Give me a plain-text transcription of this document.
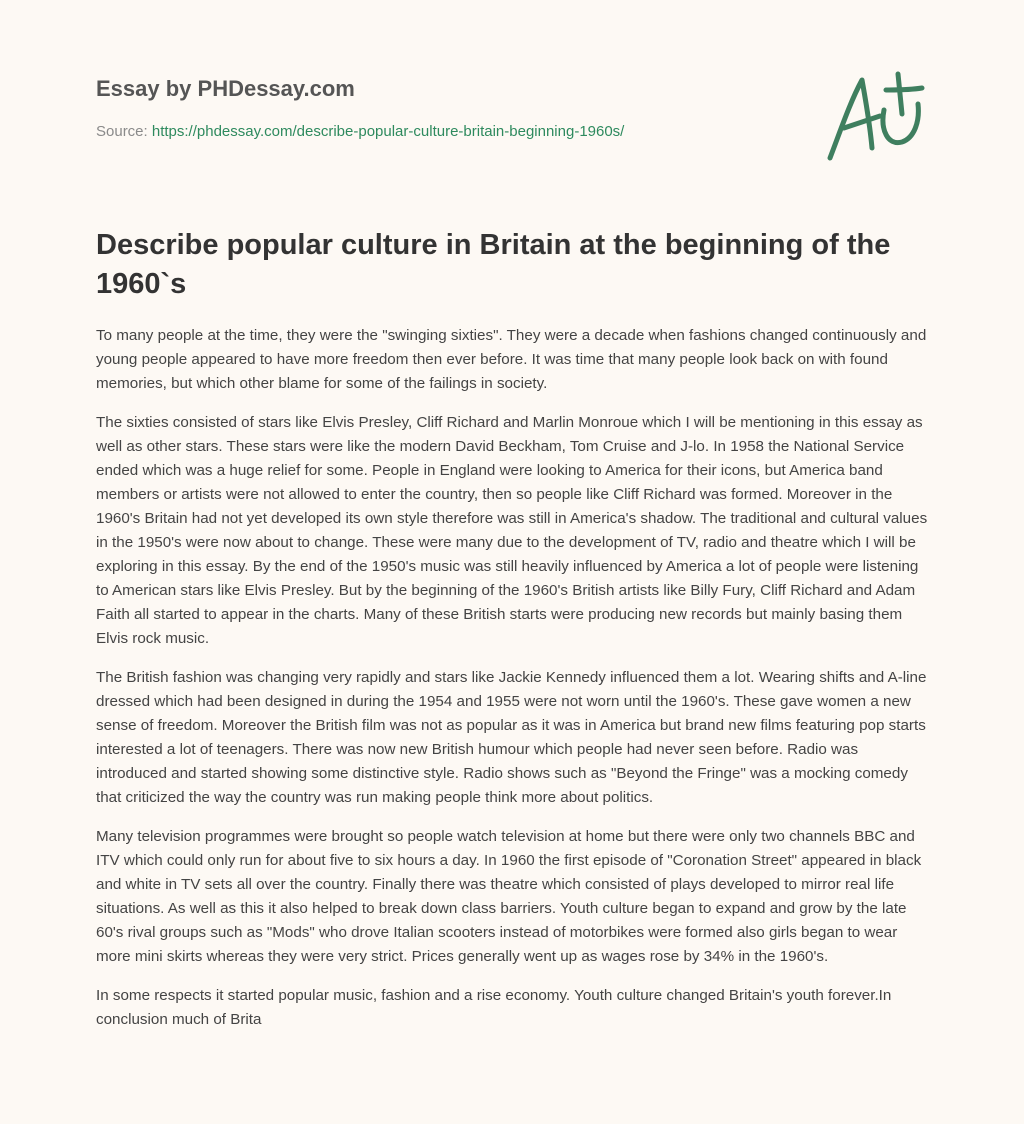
Essay by PHDessay.com

Source: https://phdessay.com/describe-popular-culture-britain-beginning-1960s/

Describe popular culture in Britain at the beginning of the 1960`s

To many people at the time, they were the "swinging sixties". They were a decade when fashions changed continuously and young people appeared to have more freedom then ever before. It was time that many people look back on with found memories, but which other blame for some of the failings in society.

The sixties consisted of stars like Elvis Presley, Cliff Richard and Marlin Monroue which I will be mentioning in this essay as well as other stars. These stars were like the modern David Beckham, Tom Cruise and J-lo. In 1958 the National Service ended which was a huge relief for some. People in England were looking to America for their icons, but America band members or artists were not allowed to enter the country, then so people like Cliff Richard was formed. Moreover in the 1960's Britain had not yet developed its own style therefore was still in America's shadow. The traditional and cultural values in the 1950's were now about to change. These were many due to the development of TV, radio and theatre which I will be exploring in this essay. By the end of the 1950's music was still heavily influenced by America a lot of people were listening to American stars like Elvis Presley. But by the beginning of the 1960's British artists like Billy Fury, Cliff Richard and Adam Faith all started to appear in the charts. Many of these British starts were producing new records but mainly basing them Elvis rock music.

The British fashion was changing very rapidly and stars like Jackie Kennedy influenced them a lot. Wearing shifts and A-line dressed which had been designed in during the 1954 and 1955 were not worn until the 1960's. These gave women a new sense of freedom. Moreover the British film was not as popular as it was in America but brand new films featuring pop starts interested a lot of teenagers. There was now new British humour which people had never seen before. Radio was introduced and started showing some distinctive style. Radio shows such as "Beyond the Fringe" was a mocking comedy that criticized the way the country was run making people think more about politics.

Many television programmes were brought so people watch television at home but there were only two channels BBC and ITV which could only run for about five to six hours a day. In 1960 the first episode of "Coronation Street" appeared in black and white in TV sets all over the country. Finally there was theatre which consisted of plays developed to mirror real life situations. As well as this it also helped to break down class barriers. Youth culture began to expand and grow by the late 60's rival groups such as "Mods" who drove Italian scooters instead of motorbikes were formed also girls began to wear more mini skirts whereas they were very strict. Prices generally went up as wages rose by 34% in the 1960's.

In some respects it started popular music, fashion and a rise economy. Youth culture changed Britain's youth forever.In conclusion much of Brita
